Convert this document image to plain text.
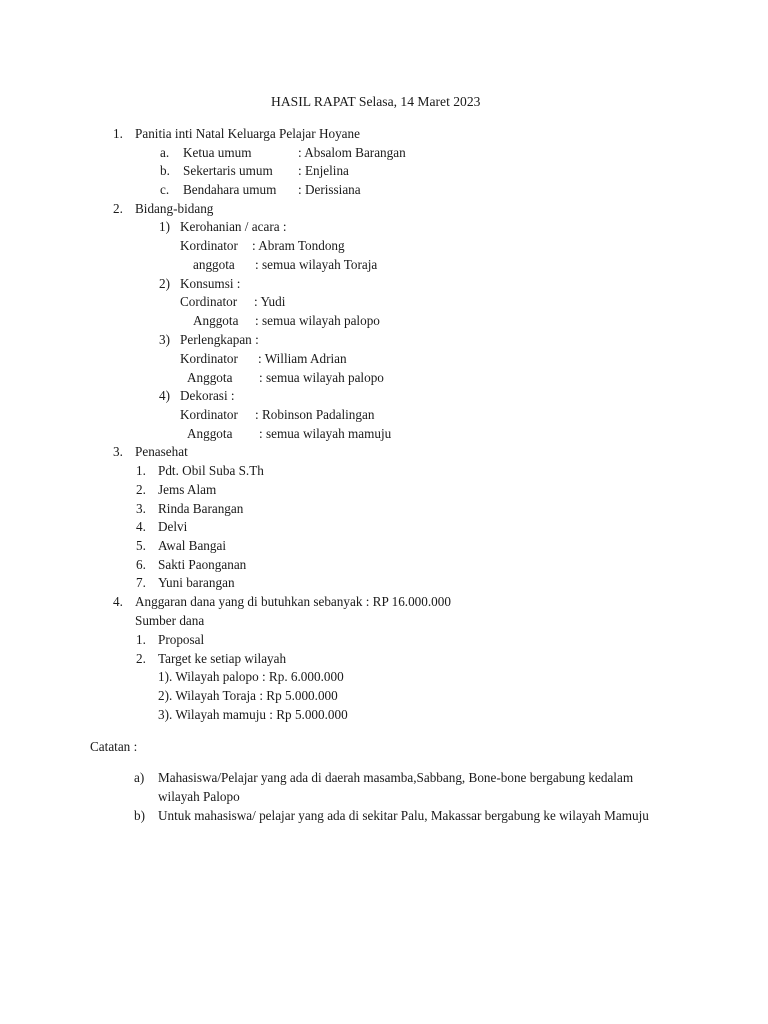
HASIL RAPAT Selasa, 14 Maret 2023
1. Panitia inti Natal Keluarga Pelajar Hoyane
a. Ketua umum	: Absalom Barangan
b. Sekertaris umum : Enjelina
c. Bendahara umum : Derissiana
2. Bidang-bidang
1) Kerohanian / acara :
Kordinator : Abram Tondong
anggota : semua wilayah Toraja
2) Konsumsi :
Cordinator : Yudi
Anggota : semua wilayah palopo
3) Perlengkapan :
Kordinator : William Adrian
Anggota : semua wilayah palopo
4) Dekorasi :
Kordinator : Robinson Padalingan
Anggota : semua wilayah mamuju
3. Penasehat
1. Pdt. Obil Suba S.Th
2. Jems Alam
3. Rinda Barangan
4. Delvi
5. Awal Bangai
6. Sakti Paonganan
7. Yuni barangan
4. Anggaran dana yang di butuhkan sebanyak : RP 16.000.000
Sumber dana
1. Proposal
2. Target ke setiap wilayah
1). Wilayah palopo : Rp. 6.000.000
2). Wilayah Toraja : Rp 5.000.000
3). Wilayah mamuju : Rp 5.000.000
Catatan :
a) Mahasiswa/Pelajar yang ada di daerah masamba,Sabbang, Bone-bone bergabung kedalam
wilayah Palopo
b) Untuk mahasiswa/ pelajar yang ada di sekitar Palu, Makassar bergabung ke wilayah Mamuju
